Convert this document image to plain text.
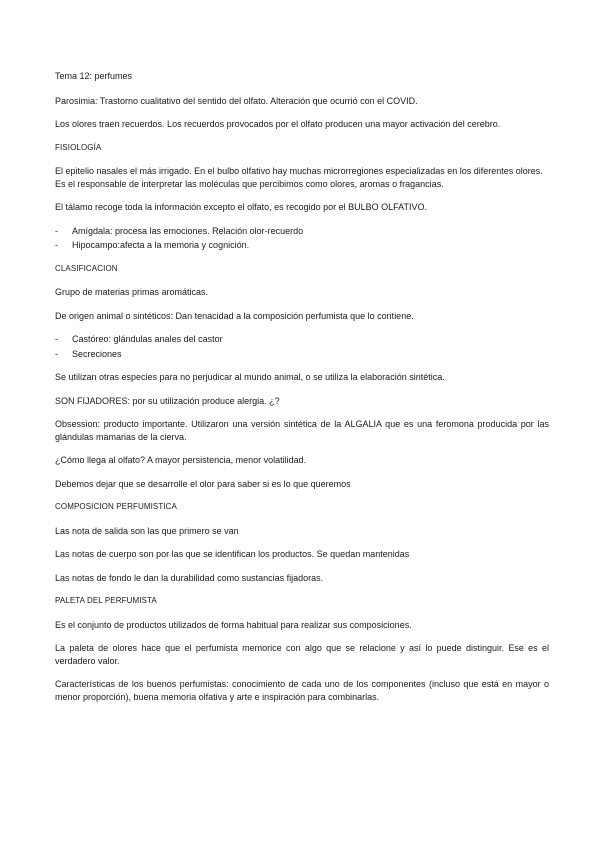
Tema 12: perfumes

Parosimia: Trastorno cualitativo del sentido del olfato. Alteración que ocurrió con el COVID.

Los olores traen recuerdos. Los recuerdos provocados por el olfato producen una mayor activación del cerebro.

FISIOLOGÍA

El epitelio nasales el más irrigado. En el bulbo olfativo hay muchas microrregiones especializadas en los diferentes olores. Es el responsable de interpretar las moléculas que percibimos como olores, aromas o fragancias.

El tálamo recoge toda la información excepto el olfato, es recogido por el BULBO OLFATIVO.

- Amígdala: procesa las emociones. Relación olor-recuerdo
- Hipocampo:afecta a la memoria y cognición.

CLASIFICACION

Grupo de materias primas aromáticas.

De origen animal o sintéticos: Dan tenacidad a la composición perfumista que lo contiene.

- Castóreo: glándulas anales del castor
- Secreciones

Se utilizan otras especies para no perjudicar al mundo animal, o se utiliza la elaboración sintética.

SON FIJADORES: por su utilización produce alergia. ¿?

Obsession: producto importante. Utilizaron una versión sintética de la ALGALIA que es una feromona producida por las glándulas mamarias de la cierva.

¿Cómo llega al olfato? A mayor persistencia, menor volatilidad.

Debemos dejar que se desarrolle el olor para saber si es lo que queremos

COMPOSICION PERFUMISTICA

Las nota de salida son las que primero se van

Las notas de cuerpo son por las que se identifican los productos. Se quedan mantenidas

Las notas de fondo le dan la durabilidad como sustancias fijadoras.

PALETA DEL PERFUMISTA

Es el conjunto de productos utilizados de forma habitual para realizar sus composiciones.

La paleta de olores hace que el perfumista memorice con algo que se relacione y así lo puede distinguir. Ese es el verdadero valor.

Características de los buenos perfumistas: conocimiento de cada uno de los componentes (incluso que está en mayor o menor proporción), buena memoria olfativa y arte e inspiración para combinarlas.
